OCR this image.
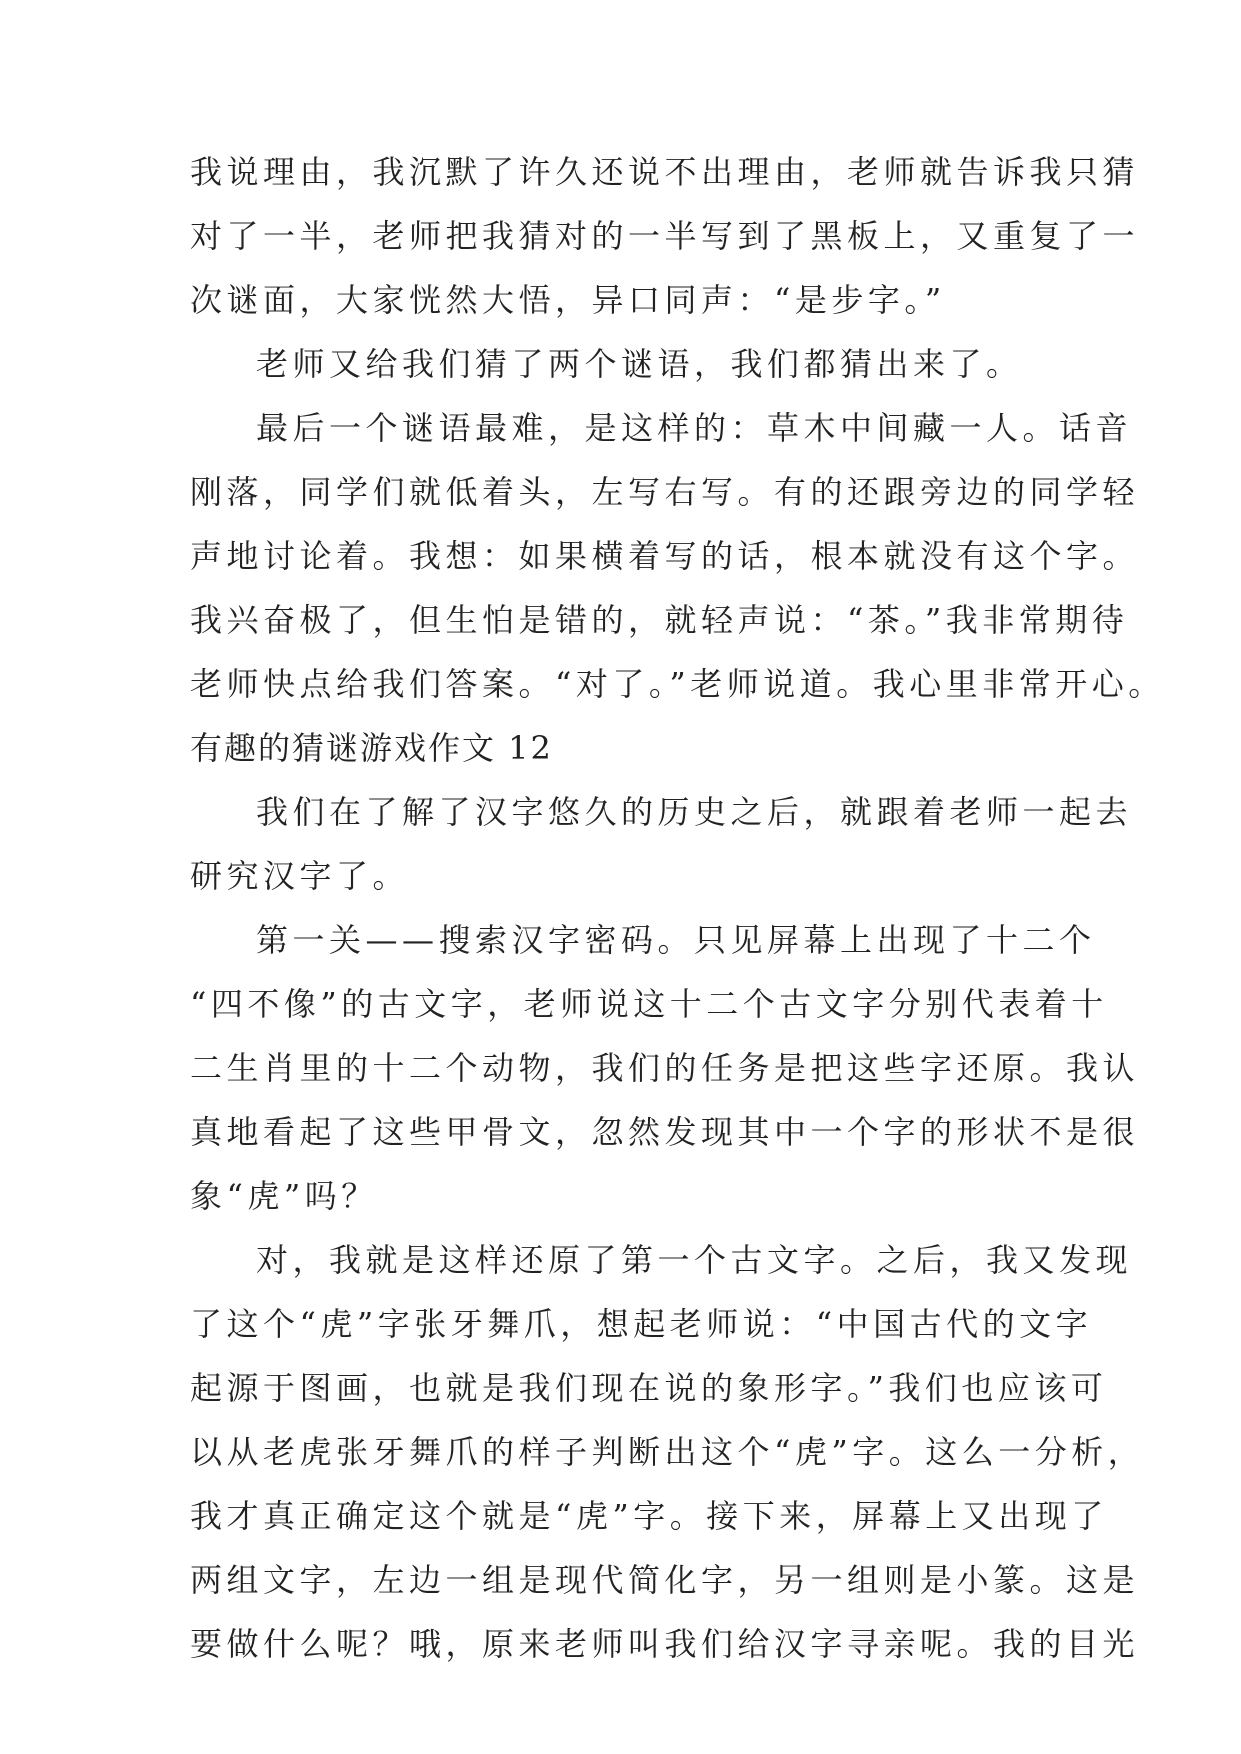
我说理由，我沉默了许久还说不出理由，老师就告诉我只猜
对了一半，老师把我猜对的一半写到了黑板上，又重复了一
次谜面，大家恍然大悟，异口同声：“是步字。”
老师又给我们猜了两个谜语，我们都猜出来了。
最后一个谜语最难，是这样的：草木中间藏一人。话音
刚落，同学们就低着头，左写右写。有的还跟旁边的同学轻
声地讨论着。我想：如果横着写的话，根本就没有这个字。
我兴奋极了，但生怕是错的，就轻声说：“茶。”我非常期待
老师快点给我们答案。“对了。”老师说道。我心里非常开心。
有趣的猜谜游戏作文 12
我们在了解了汉字悠久的历史之后，就跟着老师一起去
研究汉字了。
第一关——搜索汉字密码。只见屏幕上出现了十二个
“四不像”的古文字，老师说这十二个古文字分别代表着十
二生肖里的十二个动物，我们的任务是把这些字还原。我认
真地看起了这些甲骨文，忽然发现其中一个字的形状不是很
象“虎”吗？
对，我就是这样还原了第一个古文字。之后，我又发现
了这个“虎”字张牙舞爪，想起老师说：“中国古代的文字
起源于图画，也就是我们现在说的象形字。”我们也应该可
以从老虎张牙舞爪的样子判断出这个“虎”字。这么一分析，
我才真正确定这个就是“虎”字。接下来，屏幕上又出现了
两组文字，左边一组是现代简化字，另一组则是小篆。这是
要做什么呢？哦，原来老师叫我们给汉字寻亲呢。我的目光
